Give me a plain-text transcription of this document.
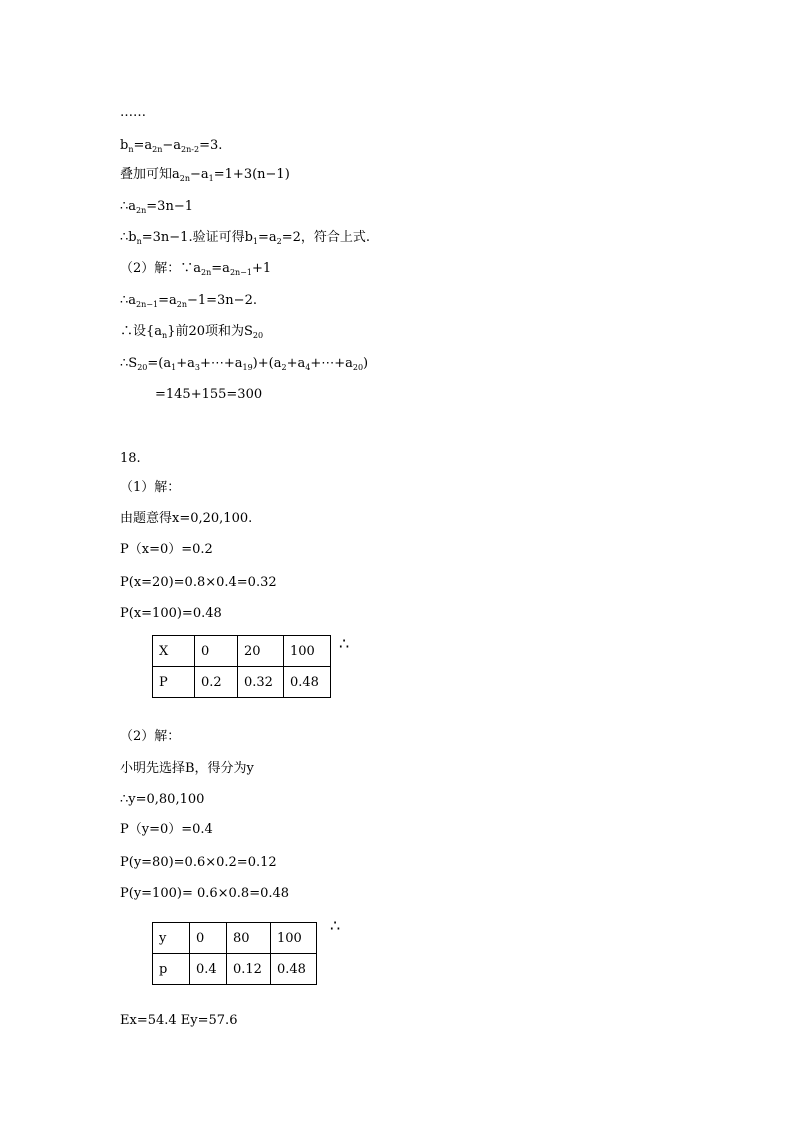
……
$b_n=a_{2n}-a_{2n-2}=3$.
叠加可知$a_{2n}-a_1=1+3(n-1)$
$\therefore a_{2n}=3n-1$
$\therefore b_n=3n-1$.验证可得$b_1=a_2=2$，符合上式.
（2）解：$\because a_{2n}=a_{2n-1}+1$
$\therefore a_{2n-1}=a_{2n}-1=3n-2$.
∴设$\{a_n\}$前20项和为$S_{20}$
$\therefore S_{20}=(a_1+a_3+\cdots+a_{19})+(a_2+a_4+\cdots+a_{20})$
=145+155=300
18.
（1）解：
由题意得x=0,20,100.
P（x=0）=0.2
P(x=20)=0.8×0.4=0.32
P(x=100)=0.48
X	0	20	100
P	0.2	0.32	0.48
∴
（2）解：
小明先选择B，得分为y
∴y=0,80,100
P（y=0）=0.4
P(y=80)=0.6×0.2=0.12
P(y=100)= 0.6×0.8=0.48
y	0	80	100
p	0.4	0.12	0.48
∴
Ex=54.4 Ey=57.6
